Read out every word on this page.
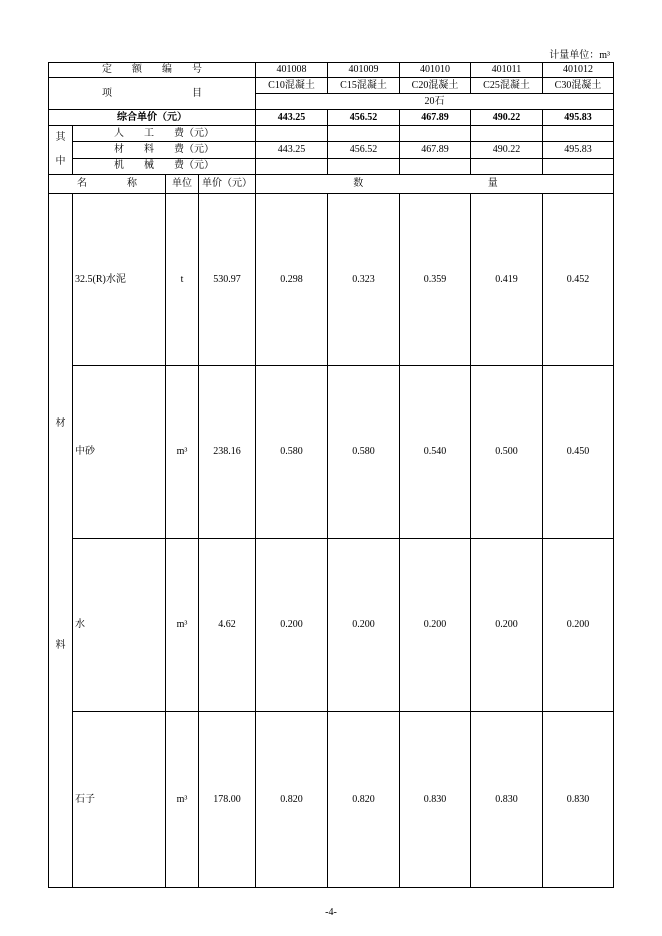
计量单位：m³
定　　额　　编　　号				401008	401009	401010	401011	401012
项　　　　　　　　目				C10混凝土	C15混凝土	C20混凝土	C25混凝土	C30混凝土
				20石				
综合单价（元）				443.25	456.52	467.89	490.22	495.83

其
中	人　　工　　费（元）							
	材　　料　　费（元）			443.25	456.52	467.89	490.22	495.83
	机　　械　　费（元）							
名　　　　称		单位	单价（元）	数 量				

材
料	32.5(R)水泥	t	530.97	0.298	0.323	0.359	0.419	0.452
	中砂	m³	238.16	0.580	0.580	0.540	0.500	0.450
	水	m³	4.62	0.200	0.200	0.200	0.200	0.200
	石子	m³	178.00	0.820	0.820	0.830	0.830	0.830
-4-
